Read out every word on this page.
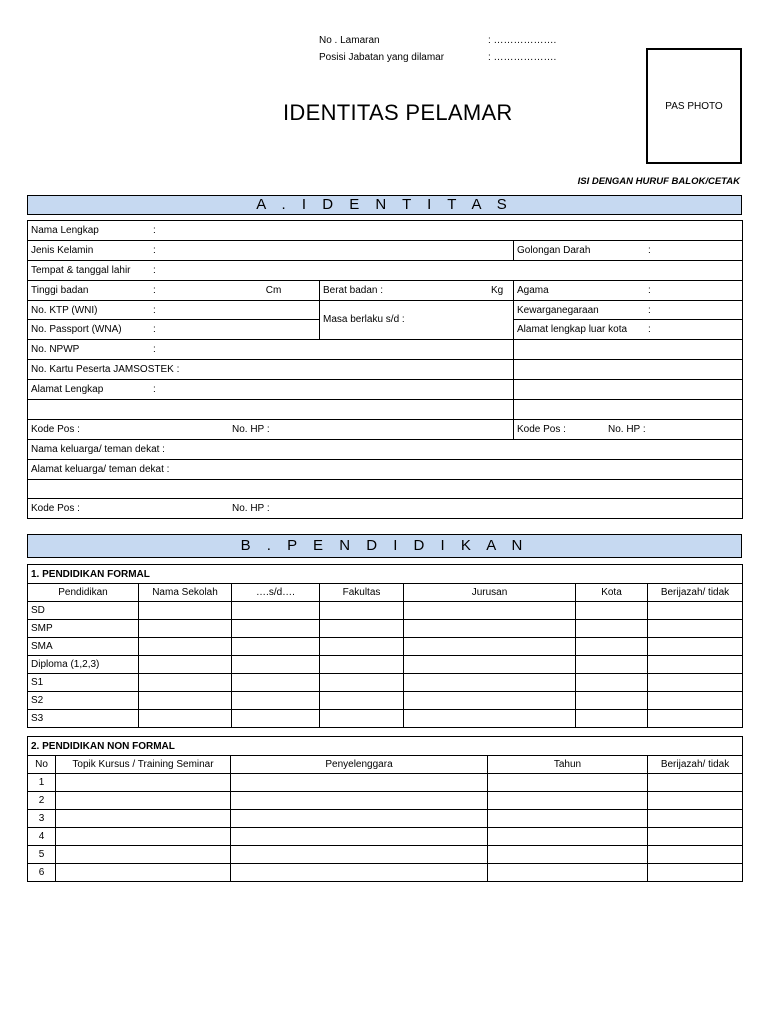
No . Lamaran	: ……………….
Posisi Jabatan yang dilamar	: ……………….
IDENTITAS PELAMAR	PAS PHOTO
ISI DENGAN HURUF BALOK/CETAK
A . I D E N T I T A S
Nama Lengkap :		
Jenis Kelamin :		Golongan Darah :
Tempat & tanggal lahir :		
Tinggi badan : Cm	Berat badan : Kg	Agama :
No. KTP (WNI) :	Masa berlaku s/d :	Kewarganegaraan :
No. Passport (WNA) :		Alamat lengkap luar kota :
No. NPWP :		
No. Kartu Peserta JAMSOSTEK :		
Alamat Lengkap :		

Kode Pos : No. HP :		Kode Pos : No. HP :
Nama keluarga/ teman dekat :		
Alamat keluarga/ teman dekat :		

Kode Pos : No. HP :		
B . P E N D I D I K A N
1. PENDIDIKAN FORMAL						
Pendidikan	Nama Sekolah	….s/d….	Fakultas	Jurusan	Kota	Berijazah/ tidak
SD						
SMP						
SMA						
Diploma (1,2,3)						
S1						
S2						
S3						
2. PENDIDIKAN NON FORMAL				
No	Topik Kursus / Training Seminar	Penyelenggara	Tahun	Berijazah/ tidak
1				
2				
3				
4				
5				
6				
